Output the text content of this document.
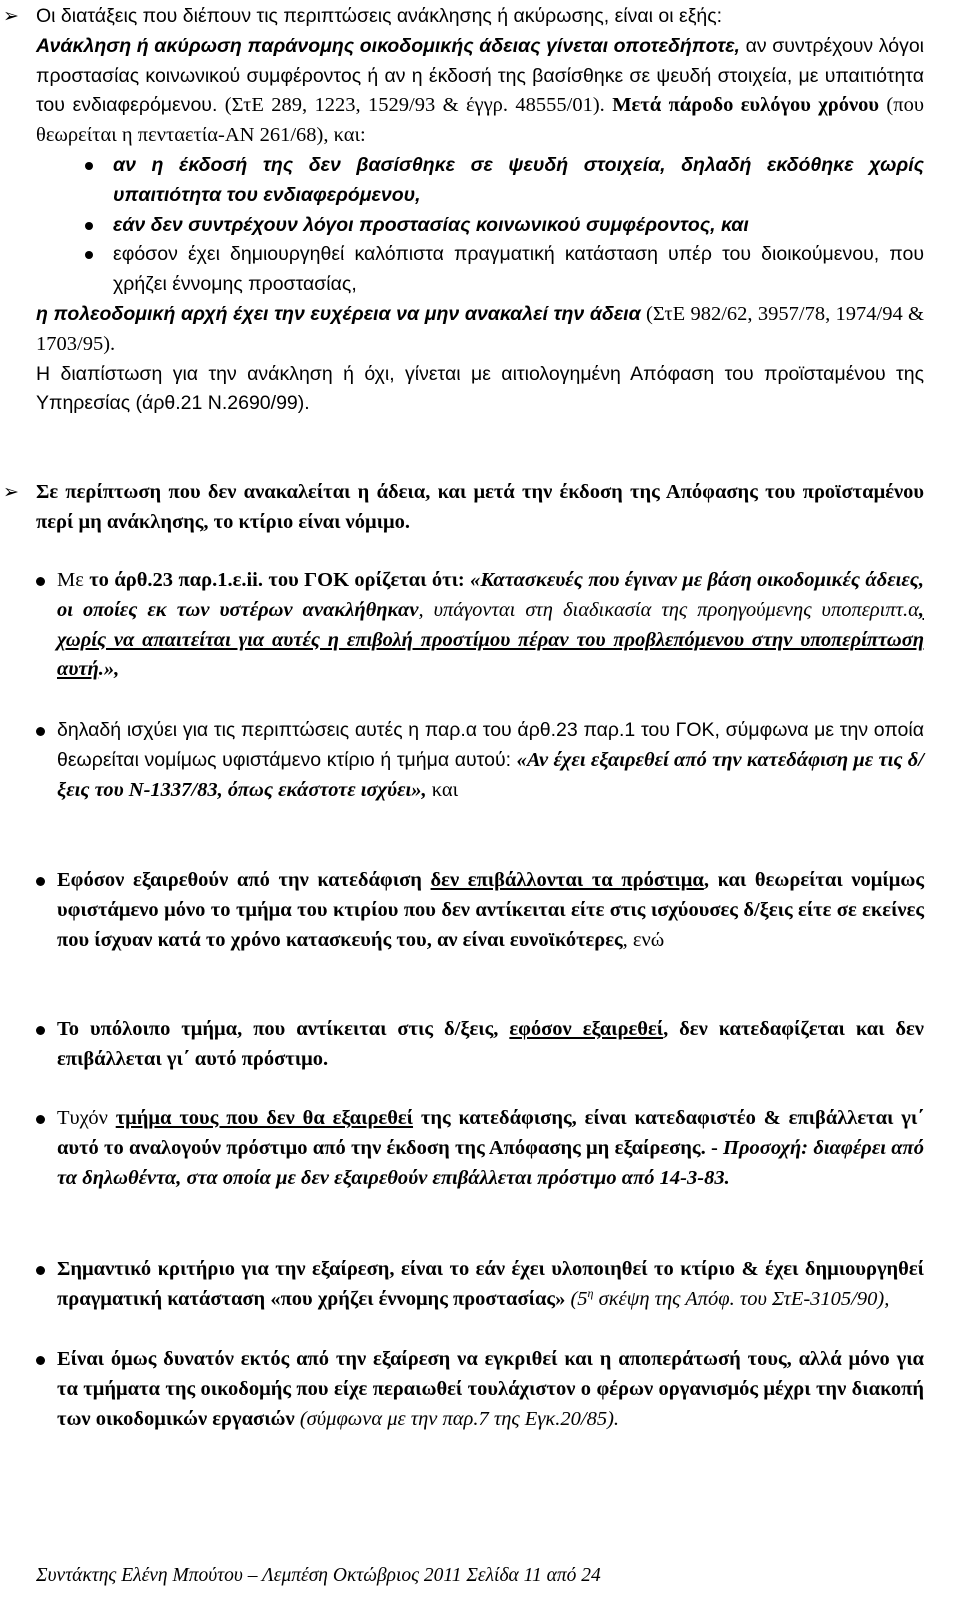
➢ Οι διατάξεις που διέπουν τις περιπτώσεις ανάκλησης ή ακύρωσης, είναι οι εξής:

Ανάκληση ή ακύρωση παράνομης οικοδομικής άδειας γίνεται οποτεδήποτε, αν συντρέχουν λόγοι προστασίας κοινωνικού συμφέροντος ή αν η έκδοσή της βασίσθηκε σε ψευδή στοιχεία, με υπαιτιότητα του ενδιαφερόμενου. (ΣτΕ 289, 1223, 1529/93 & έγγρ. 48555/01). Μετά πάροδο ευλόγου χρόνου (που θεωρείται η πενταετία-ΑΝ 261/68), και:

αν η έκδοσή της δεν βασίσθηκε σε ψευδή στοιχεία, δηλαδή εκδόθηκε χωρίς υπαιτιότητα του ενδιαφερόμενου,
εάν δεν συντρέχουν λόγοι προστασίας κοινωνικού συμφέροντος, και
εφόσον έχει δημιουργηθεί καλόπιστα πραγματική κατάσταση υπέρ του διοικούμενου, που χρήζει έννομης προστασίας,

η πολεοδομική αρχή έχει την ευχέρεια να μην ανακαλεί την άδεια (ΣτΕ 982/62, 3957/78, 1974/94 & 1703/95).

Η διαπίστωση για την ανάκληση ή όχι, γίνεται με αιτιολογημένη Απόφαση του προϊσταμένου της Υπηρεσίας (άρθ.21 Ν.2690/99).

➢ Σε περίπτωση που δεν ανακαλείται η άδεια, και μετά την έκδοση της Απόφασης του προϊσταμένου περί μη ανάκλησης, το κτίριο είναι νόμιμο.
Με το άρθ.23 παρ.1.ε.ii. του ΓΟΚ ορίζεται ότι: «Κατασκευές που έγιναν με βάση οικοδομικές άδειες, οι οποίες εκ των υστέρων ανακλήθηκαν, υπάγονται στη διαδικασία της προηγούμενης υποπεριπτ.α, χωρίς να απαιτείται για αυτές η επιβολή προστίμου πέραν του προβλεπόμενου στην υποπερίπτωση αυτή.»,
δηλαδή ισχύει για τις περιπτώσεις αυτές η παρ.α του άρθ.23 παρ.1 του ΓΟΚ, σύμφωνα με την οποία θεωρείται νομίμως υφιστάμενο κτίριο ή τμήμα αυτού: «Αν έχει εξαιρεθεί από την κατεδάφιση με τις δ/ξεις του Ν-1337/83, όπως εκάστοτε ισχύει», και
Εφόσον εξαιρεθούν από την κατεδάφιση δεν επιβάλλονται τα πρόστιμα, και θεωρείται νομίμως υφιστάμενο μόνο το τμήμα του κτιρίου που δεν αντίκειται είτε στις ισχύουσες δ/ξεις είτε σε εκείνες που ίσχυαν κατά το χρόνο κατασκευής του, αν είναι ευνοϊκότερες, ενώ
Το υπόλοιπο τμήμα, που αντίκειται στις δ/ξεις, εφόσον εξαιρεθεί, δεν κατεδαφίζεται και δεν επιβάλλεται γι΄ αυτό πρόστιμο.
Τυχόν τμήμα τους που δεν θα εξαιρεθεί της κατεδάφισης, είναι κατεδαφιστέο & επιβάλλεται γι΄ αυτό το αναλογούν πρόστιμο από την έκδοση της Απόφασης μη εξαίρεσης. - Προσοχή: διαφέρει από τα δηλωθέντα, στα οποία με δεν εξαιρεθούν επιβάλλεται πρόστιμο από 14-3-83.
Σημαντικό κριτήριο για την εξαίρεση, είναι το εάν έχει υλοποιηθεί το κτίριο & έχει δημιουργηθεί πραγματική κατάσταση «που χρήζει έννομης προστασίας» ($5^\eta$ σκέψη της Απόφ. του ΣτΕ-3105/90),
Είναι όμως δυνατόν εκτός από την εξαίρεση να εγκριθεί και η αποπεράτωσή τους, αλλά μόνο για τα τμήματα της οικοδομής που είχε περαιωθεί τουλάχιστον ο φέρων οργανισμός μέχρι την διακοπή των οικοδομικών εργασιών (σύμφωνα με την παρ.7 της Εγκ.20/85).
Συντάκτης Ελένη Μπούτου – Λεμπέση Οκτώβριος 2011 Σελίδα 11 από 24
